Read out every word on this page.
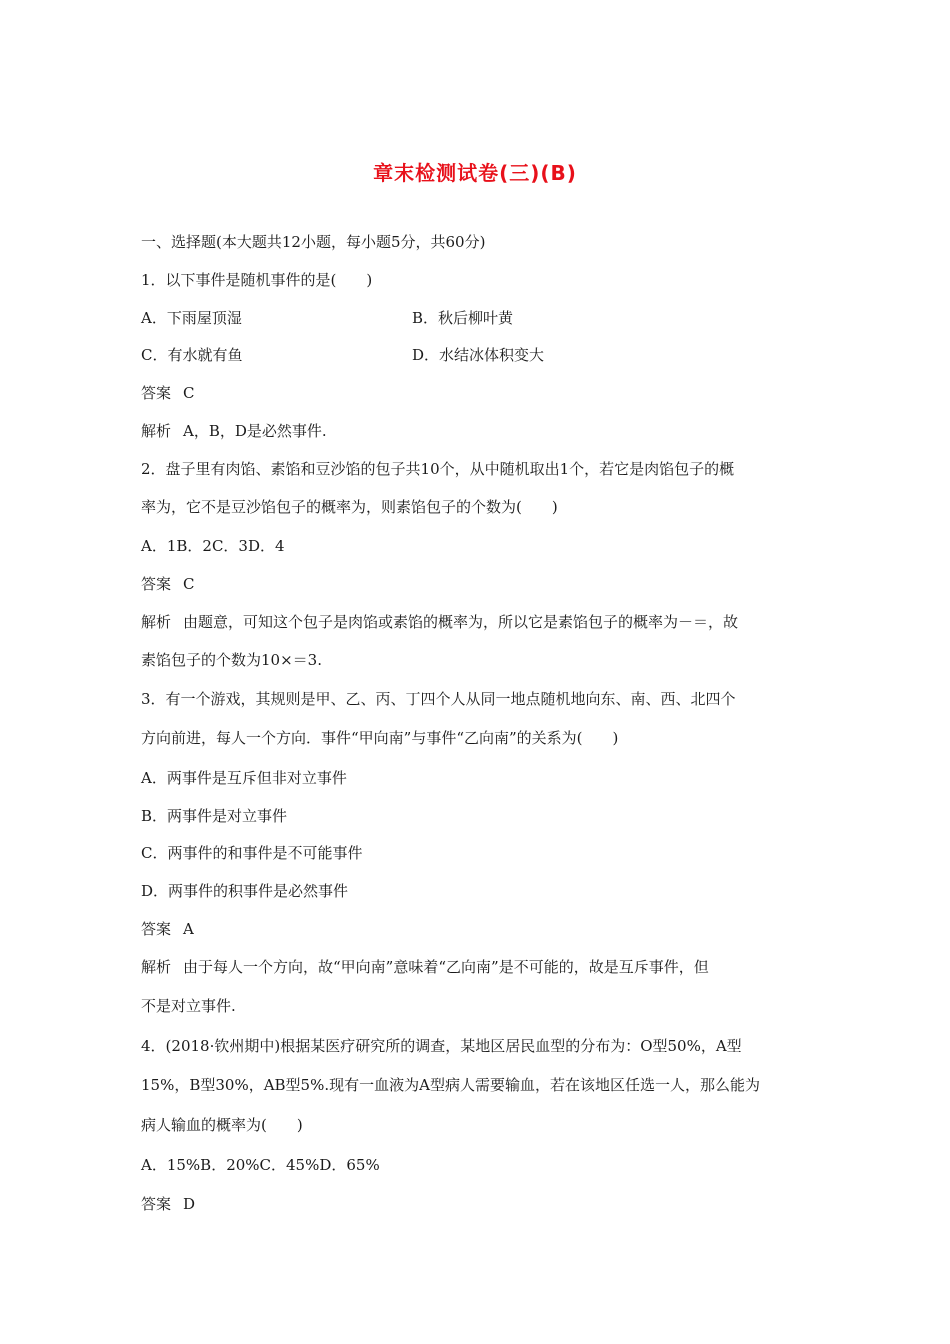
章末检测试卷(三)(B)
一、选择题(本大题共12小题，每小题5分，共60分)
1．以下事件是随机事件的是(　　)
A．下雨屋顶湿	B．秋后柳叶黄
C．有水就有鱼	D．水结冰体积变大
答案 C
解析 A，B，D是必然事件.
2．盘子里有肉馅、素馅和豆沙馅的包子共10个，从中随机取出1个，若它是肉馅包子的概
率为，它不是豆沙馅包子的概率为，则素馅包子的个数为(　　)
A．1B．2C．3D．4
答案 C
解析 由题意，可知这个包子是肉馅或素馅的概率为，所以它是素馅包子的概率为－＝，故
素馅包子的个数为10×＝3.
3．有一个游戏，其规则是甲、乙、丙、丁四个人从同一地点随机地向东、南、西、北四个
方向前进，每人一个方向．事件“甲向南”与事件“乙向南”的关系为(　　)
A．两事件是互斥但非对立事件
B．两事件是对立事件
C．两事件的和事件是不可能事件
D．两事件的积事件是必然事件
答案 A
解析 由于每人一个方向，故“甲向南”意味着“乙向南”是不可能的，故是互斥事件，但
不是对立事件.
4．(2018·钦州期中)根据某医疗研究所的调查，某地区居民血型的分布为：O型50%，A型
15%，B型30%，AB型5%.现有一血液为A型病人需要输血，若在该地区任选一人，那么能为
病人输血的概率为(　　)
A．15%B．20%C．45%D．65%
答案 D
